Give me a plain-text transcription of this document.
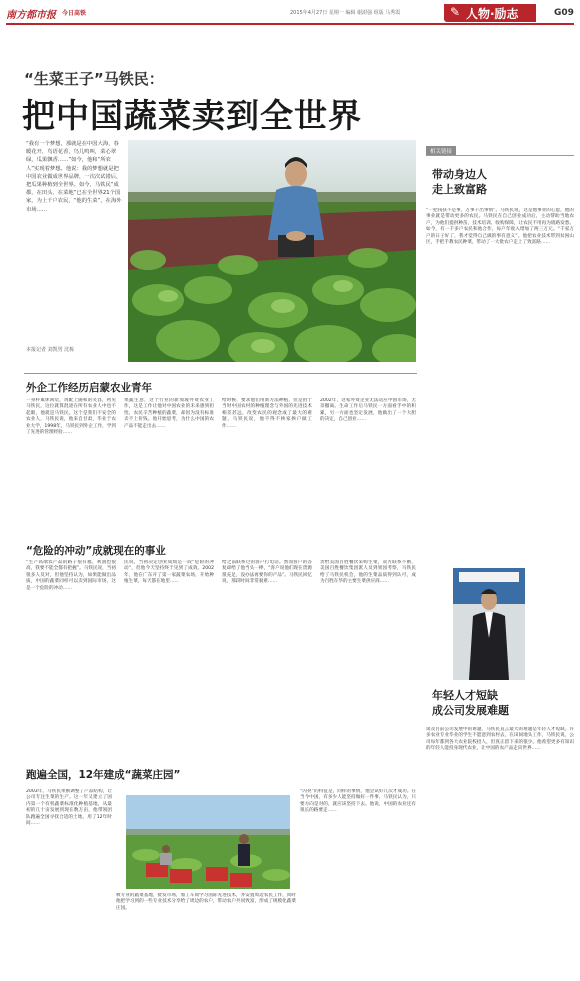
南方都市报 今日高铁	2015年4月27日 星期一 编辑 谢澍强 组版 马秀霞	✎ 人物·励志	G09
“生菜王子”马铁民：
把中国蔬菜卖到全世界
“我有一个梦想，那就是在中国大海，春暖花开，鸟语花香，鸟儿鸣叫，菜心翠绿，瓜果飘香……”如今，他和“所农人”实现着梦想。他说：我的梦想就是把中国农业做成世界品牌，一次次试错后，把瓜果种植到全世界。如今，马铁民“成都，在田头、在菜地”已在全世界21个国家，为上千户农民，“他的生菜“，在海外市场……
本报记者 刘凯男 沈栋
外企工作经历启蒙农业青年
一身朴素休闲装，再配上随和的笑容，初见马铁民，这位就算混迹在所有农业人中也不起眼，他就是马铁民。这个是我们不安全的农业人，马铁民说，他来自甘肃，毕业于农业大学，1998年，马铁民到外企工作，学到了先进的管理经验……
果蔬生意，这个行业的新加坡外资农业工作，这是工作让他对中国农业的未来感到担忧，农民辛苦种植的蔬菜，却因为没有标准卖不上价钱。他开始思考，为什么中国的农产品不能走出去……
给时候，要求他们用新方法种植，但是由于当时中国农村的种植理念与外国的先进技术相差甚远，改变农民的观念成了最大的难题，马铁民说，他不得不挨家挨户做工作……
2002年，这家外资企业无法适应中国市场，无奈撤离。生命工作后马铁民一方面看手中的积累，另一方面也坚定发展，他做出了一个大胆的决定，自己创业……
“危险的冲动”成就现在的事业
“生产高端农产品的路子很有福，利润也很高，我要不能全都有把握”。马铁民说，当初很多人反对，但他坚持认为，如果能做出品质，中国的蔬菜同样可以卖到国际市场，这是一个危险的冲动……
民说，当初决定创业成绩是一段“危险的冲动”，但他今天坚持终于见到了成效。2002年，他在广东开了第一家蔬菜农场，开始种植生菜，每天都在地里……
给之前联系过的客户打电话。然而客户的答复却给了他当头一棒，“客户说他们现在货源很充足，没办法再要你的产品”。马铁民回忆说，那段时间非常艰难……
责给美国百胜餐饮采购生菜，双方联系不断，美国百胜餐饮集团派人员到果园考察，马铁民给了马铁民机会，他的生菜品质得到认可，成为百胜在华的主要生菜供应商……
跑遍全国，12年建成“蔬菜庄园”
2003年，马铁民果断调整了产品结构，让公司专注生菜的生产。这一年又建立了国内第一个有机蔬菜标准化种植基地，从最初的几十亩发展到现在数万亩，他带领团队跑遍全国寻找合适的土地，用了12年时间……
被专业的蔬菜基地，批发市场，加工车间学习国际先进技术，并安置周边农民工作，同时他把学习到的一些专业技术分享给了周边的农户，带动农户共同致富，形成了规模化蔬菜庄园。
“闪亮”的特征是，同样的事情，他尝试好几次才成功。在当今中国，有多少人能坚持做好一件事，马铁民认为，只要方向是对的，就应该坚持下去。他说，中国的农业还有很长的路要走……
相关链接
带动身边人
走上致富路
“一把钱扶不是事，万事干出事情”。马铁民说，这是他事业的心愿，他的事业就是带动更多的农民。马铁民在自己创业成功后，主动帮助当地农户，为他们提供种苗、技术培训、收购保障，让农民不用再为销路发愁。如今，有一千多户农民和他合作，每户年收入增加了两三万元。“千家万户的日子好了，我才觉得自己做的事有意义”。他把农业技术带到贫困山区，手把手教农民种菜，带动了一大批农户走上了致富路……
年轻人才短缺
成公司发展难题
谈及目前公司发展中的难题，马铁民直言最大的难题是年轻人才短缺。许多农业专业毕业的学生不愿意到农村去，在田间地头工作，马铁民说，公司每年都到各大农业院校招人，但真正留下来的很少。他希望更多有知识的年轻人能投身现代农业，让中国的农产品走向世界……
